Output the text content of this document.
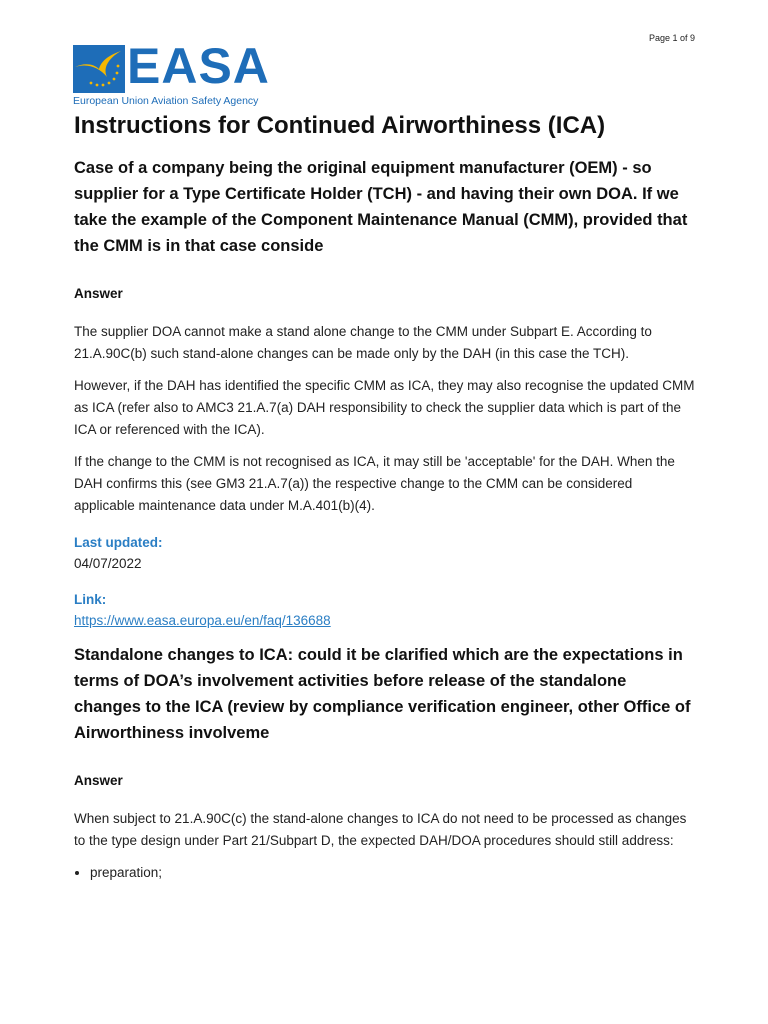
Page 1 of 9
EASA
European Union Aviation Safety Agency
Instructions for Continued Airworthiness (ICA)
Case of a company being the original equipment manufacturer (OEM) - so supplier for a Type Certificate Holder (TCH) - and having their own DOA. If we take the example of the Component Maintenance Manual (CMM), provided that the CMM is in that case conside
Answer

The supplier DOA cannot make a stand alone change to the CMM under Subpart E. According to 21.A.90C(b) such stand-alone changes can be made only by the DAH (in this case the TCH).

However, if the DAH has identified the specific CMM as ICA, they may also recognise the updated CMM as ICA (refer also to AMC3 21.A.7(a) DAH responsibility to check the supplier data which is part of the ICA or referenced with the ICA).

If the change to the CMM is not recognised as ICA, it may still be 'acceptable' for the DAH. When the DAH confirms this (see GM3 21.A.7(a)) the respective change to the CMM can be considered applicable maintenance data under M.A.401(b)(4).

Last updated:
04/07/2022
Link:
https://www.easa.europa.eu/en/faq/136688
Standalone changes to ICA: could it be clarified which are the expectations in terms of DOA’s involvement activities before release of the standalone changes to the ICA (review by compliance verification engineer, other Office of Airworthiness involveme
Answer

When subject to 21.A.90C(c) the stand-alone changes to ICA do not need to be processed as changes to the type design under Part 21/Subpart D, the expected DAH/DOA procedures should still address:

• preparation;
